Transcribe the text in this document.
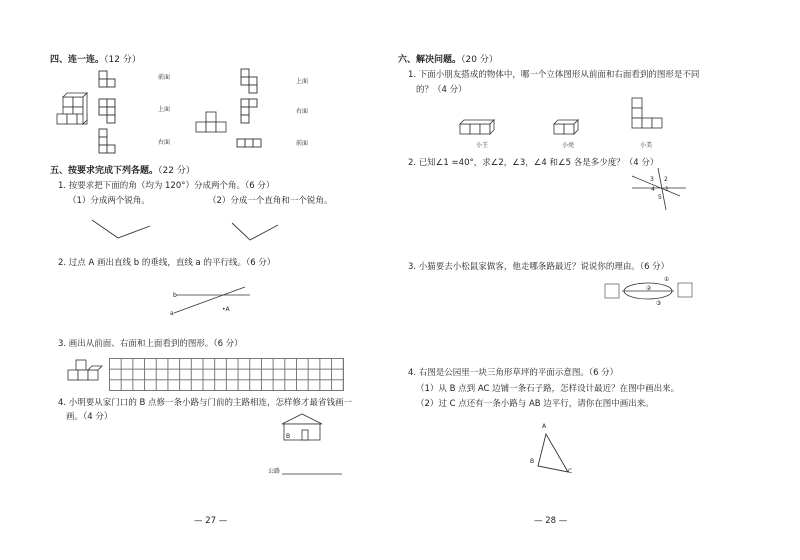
四、连一连。（12 分）
前面
上面
右面
上面
右面
前面
五、按要求完成下列各题。（22 分）
1. 按要求把下面的角（均为 120°）分成两个角。（6 分）
（1）分成两个锐角。	（2）分成一个直角和一个锐角。
2. 过点 A 画出直线 b 的垂线，直线 a 的平行线。（6 分）
b
a
•A
3. 画出从前面、右面和上面看到的图形。（6 分）
4. 小明要从家门口的 B 点修一条小路与门前的主路相连，怎样修才最省钱画一
画。（4 分）
B
公路
— 27 —
六、解决问题。（20 分）
1. 下面小朋友搭成的物体中，哪一个立体图形从前面和右面看到的图形是不同
的？（4 分）
小王	小亮	小美
2. 已知∠1 =40°，求∠2，∠3，∠4 和∠5 各是多少度？（4 分）
3 2
4 1
5
3. 小猫要去小松鼠家做客，他走哪条路最近？说说你的理由。（6 分）
①
②
③
4. 右图是公园里一块三角形草坪的平面示意图。（6 分）
（1）从 B 点到 AC 边铺一条石子路，怎样设计最近？在图中画出来。
（2）过 C 点还有一条小路与 AB 边平行，请你在图中画出来。
A
B
C
— 28 —
